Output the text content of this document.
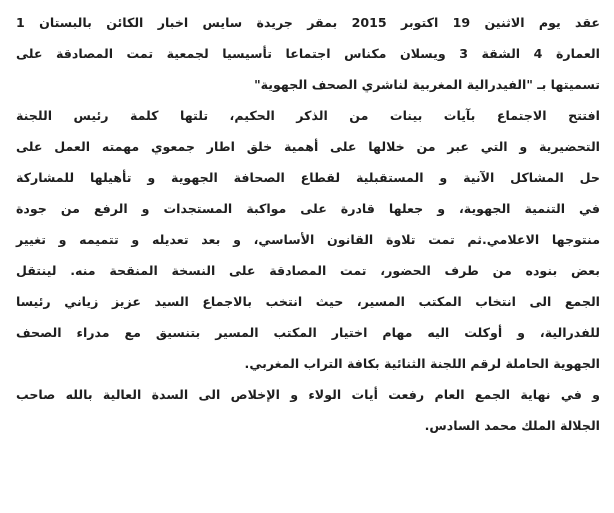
عقد يوم الاثنين 19 اكتوبر 2015 بمقر جريدة سايس اخبار الكائن بالبستان 1
العمارة 4 الشقة 3 ويسلان مكناس اجتماعا تأسيسيا لجمعية تمت المصادقة على
تسميتها بـ "الفيدرالية المغربية لناشري الصحف الجهوية"
افتتح الاجتماع بآيات بينات من الذكر الحكيم، تلتها كلمة رئيس اللجنة
التحضيرية و التي عبر من خلالها على أهمية خلق اطار جمعوي مهمته العمل على
حل المشاكل الآنية و المستقبلية لقطاع الصحافة الجهوية و تأهيلها للمشاركة
في التنمية الجهوية، و جعلها قادرة على مواكبة المستجدات و الرفع من جودة
منتوجها الاعلامي.ثم تمت تلاوة القانون الأساسي، و بعد تعديله و تتميمه و تغيير
بعض بنوده من طرف الحضور، تمت المصادقة على النسخة المنقحة منه. لينتقل
الجمع الى انتخاب المكتب المسير، حيث انتخب بالاجماع السيد عزيز زياني رئيسا
للفدرالية، و أوكلت اليه مهام اختيار المكتب المسير بتنسيق مع مدراء الصحف
الجهوية الحاملة لرقم اللجنة الثنائية بكافة التراب المغربي.
و في نهاية الجمع العام رفعت أيات الولاء و الإخلاص الى السدة العالية بالله صاحب
الجلالة الملك محمد السادس.
